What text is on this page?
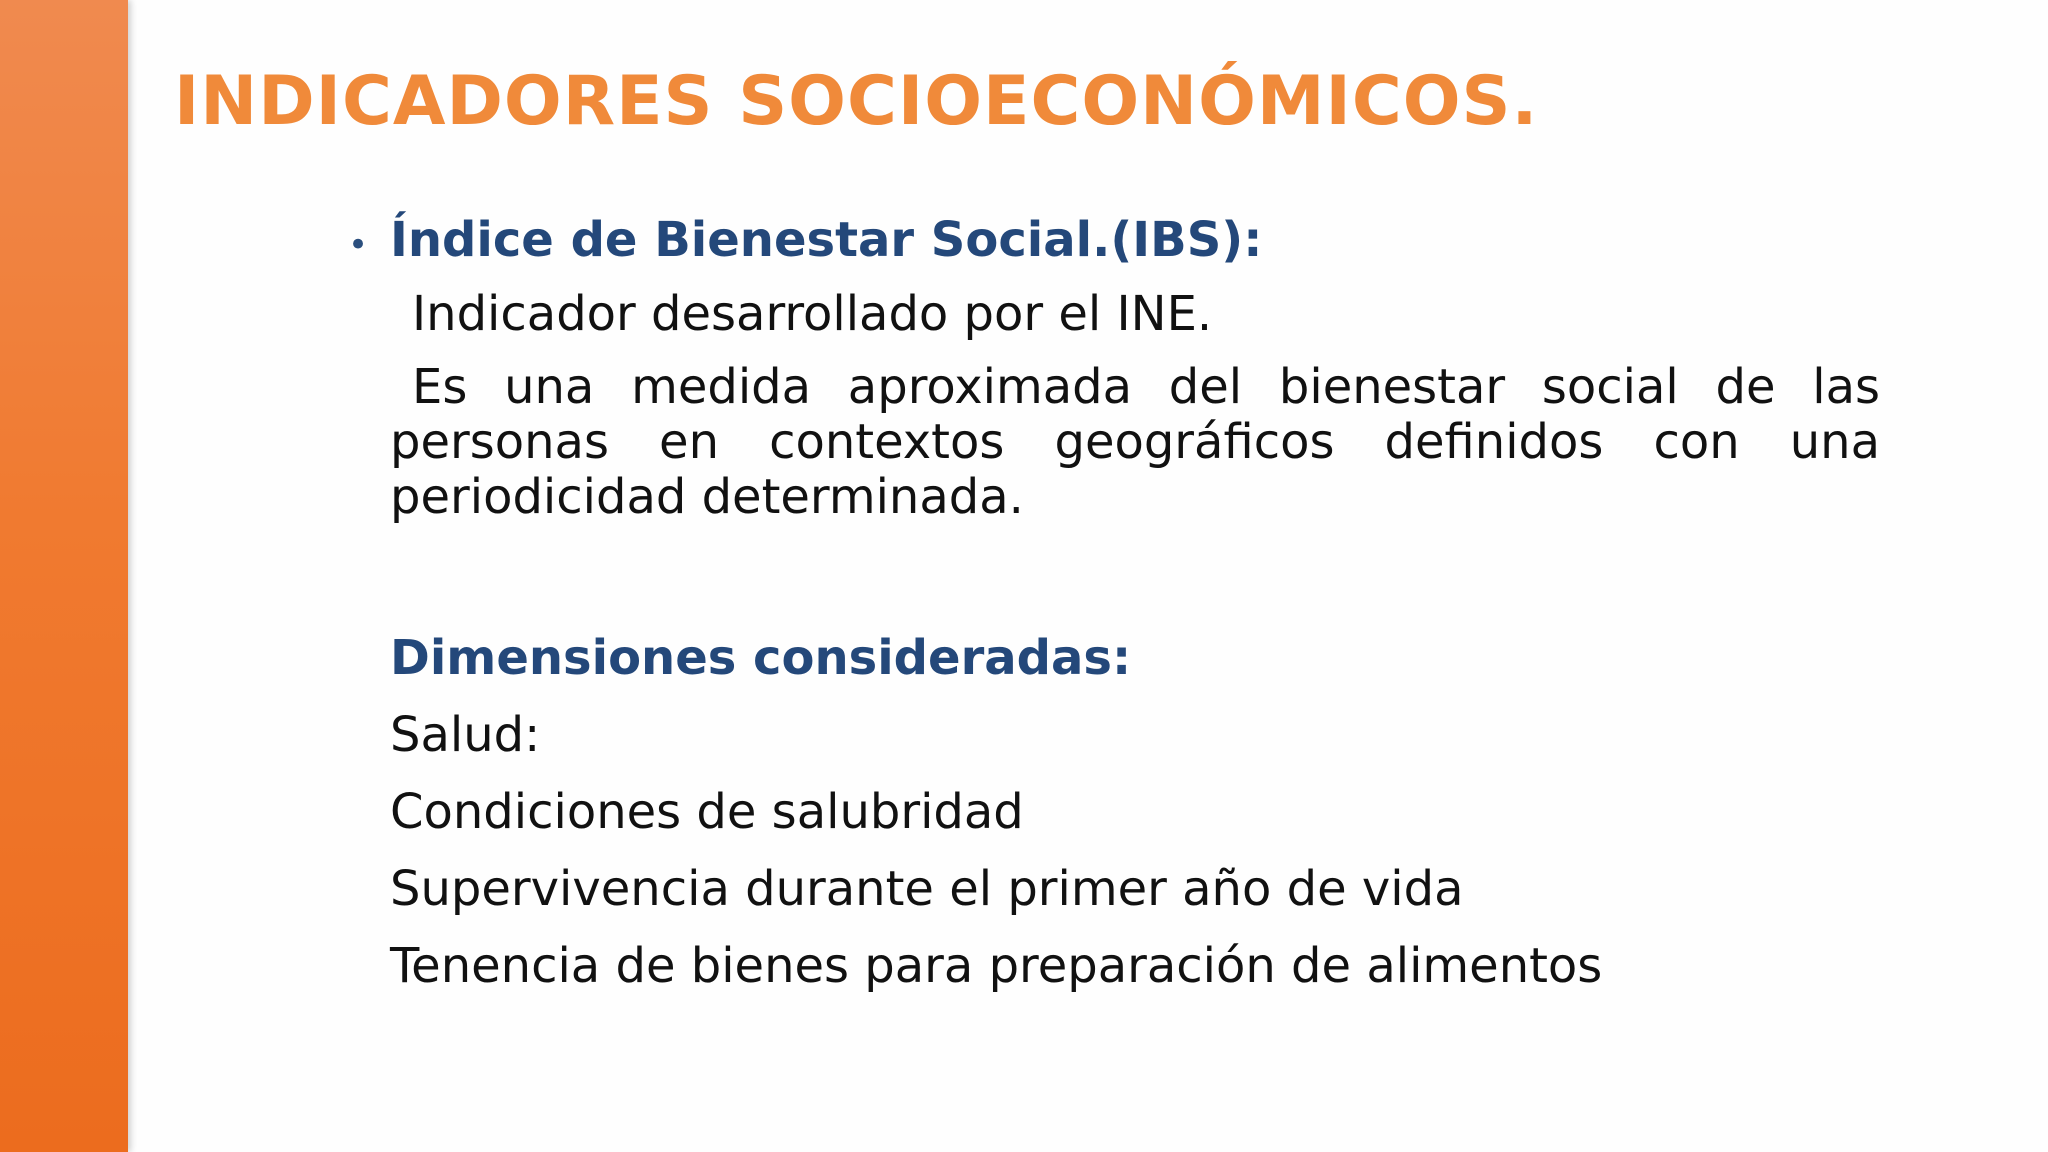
INDICADORES SOCIOECONÓMICOS.
• Índice de Bienestar Social.(IBS):
Indicador desarrollado por el INE.
Es una medida aproximada del bienestar social de las personas en contextos geográficos definidos con una periodicidad determinada.
Dimensiones consideradas:
Salud:
Condiciones de salubridad
Supervivencia durante el primer año de vida
Tenencia de bienes para preparación de alimentos
